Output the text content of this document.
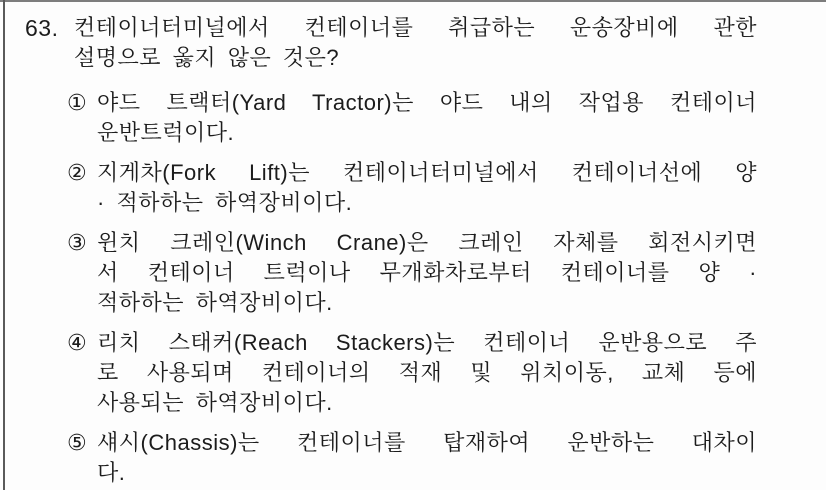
63. 컨테이너터미널에서 컨테이너를 취급하는 운송장비에 관한
설명으로 옳지 않은 것은?
① 야드 트랙터(Yard Tractor)는 야드 내의 작업용 컨테이너
운반트럭이다.
② 지게차(Fork Lift)는 컨테이너터미널에서 컨테이너선에 양
· 적하하는 하역장비이다.
③ 윈치 크레인(Winch Crane)은 크레인 자체를 회전시키면
서 컨테이너 트럭이나 무개화차로부터 컨테이너를 양 ·
적하하는 하역장비이다.
④ 리치 스태커(Reach Stackers)는 컨테이너 운반용으로 주
로 사용되며 컨테이너의 적재 및 위치이동, 교체 등에
사용되는 하역장비이다.
⑤ 섀시(Chassis)는 컨테이너를 탑재하여 운반하는 대차이
다.
